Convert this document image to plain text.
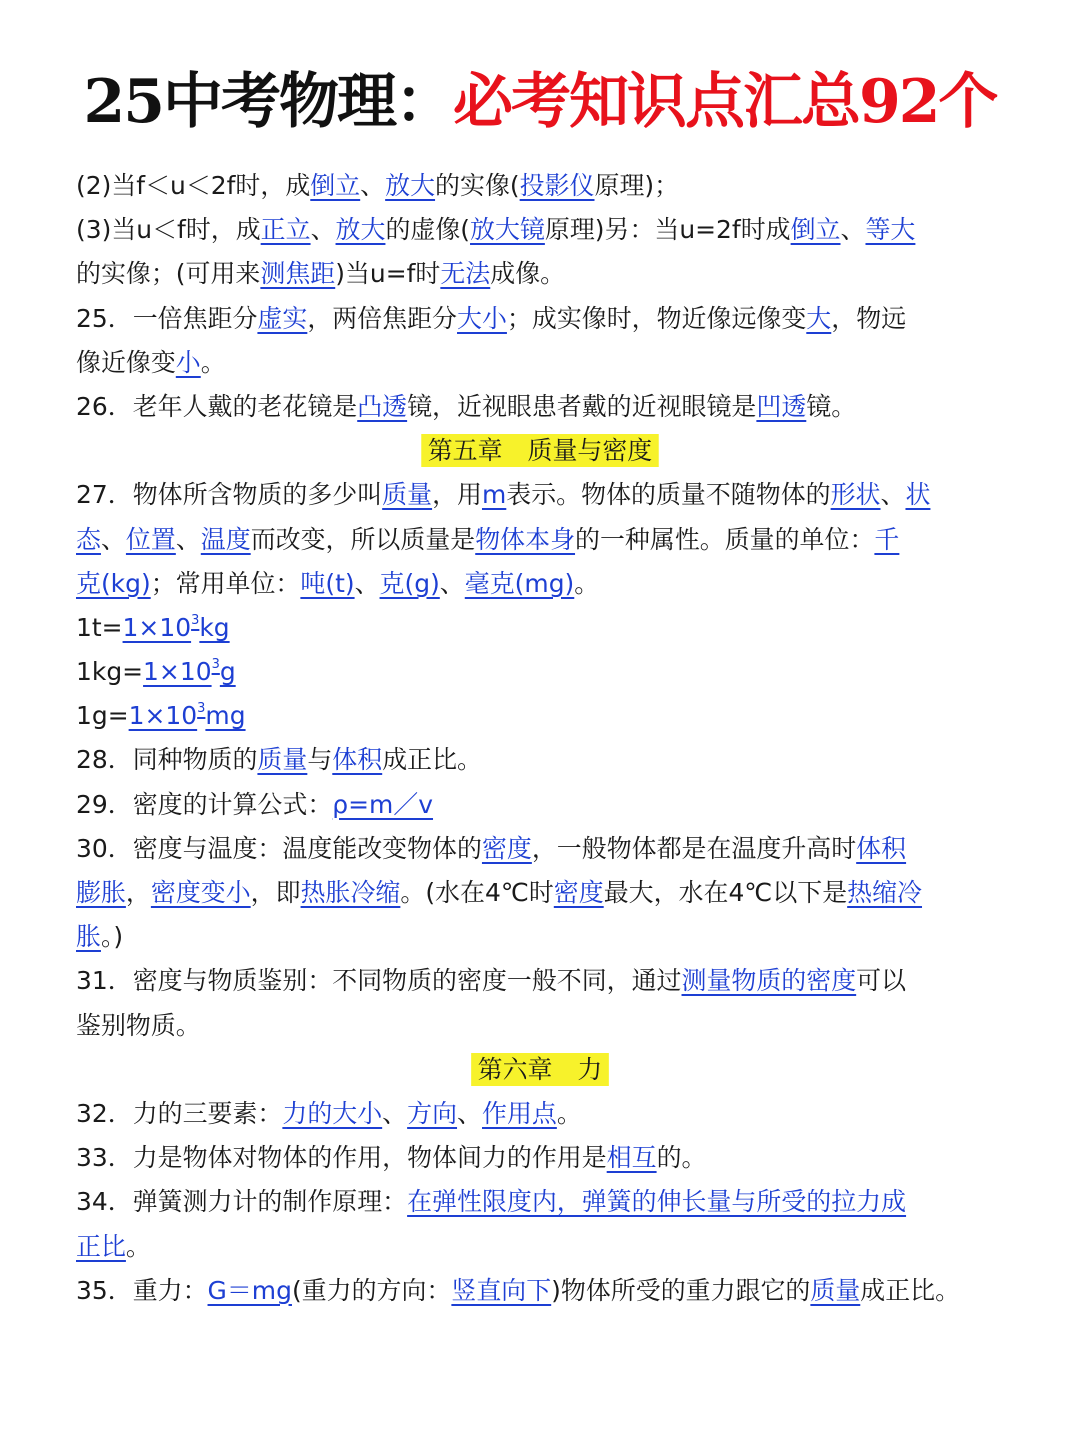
25中考物理：必考知识点汇总92个
(2)当f＜u＜2f时，成倒立、放大的实像(投影仪原理)；
(3)当u＜f时，成正立、放大的虚像(放大镜原理)另：当u=2f时成倒立、等大
的实像；(可用来测焦距)当u=f时无法成像。
25．一倍焦距分虚实，两倍焦距分大小；成实像时，物近像远像变大，物远
像近像变小。
26．老年人戴的老花镜是凸透镜，近视眼患者戴的近视眼镜是凹透镜。
第五章　质量与密度
27．物体所含物质的多少叫质量，用m表示。物体的质量不随物体的形状、状
态、位置、温度而改变，所以质量是物体本身的一种属性。质量的单位：千
克(kg)；常用单位：吨(t)、克(g)、毫克(mg)。
$1t=1\times 10^3kg$
$1kg=1\times 10^3g$
$1g=1\times 10^3mg$
28．同种物质的质量与体积成正比。
29．密度的计算公式：ρ=m／v
30．密度与温度：温度能改变物体的密度，一般物体都是在温度升高时体积
膨胀，密度变小，即热胀冷缩。(水在4℃时密度最大，水在4℃以下是热缩冷
胀。)
31．密度与物质鉴别：不同物质的密度一般不同，通过测量物质的密度可以
鉴别物质。
第六章　力
32．力的三要素：力的大小、方向、作用点。
33．力是物体对物体的作用，物体间力的作用是相互的。
34．弹簧测力计的制作原理：在弹性限度内，弹簧的伸长量与所受的拉力成
正比。
35．重力：G＝mg(重力的方向：竖直向下)物体所受的重力跟它的质量成正比。
